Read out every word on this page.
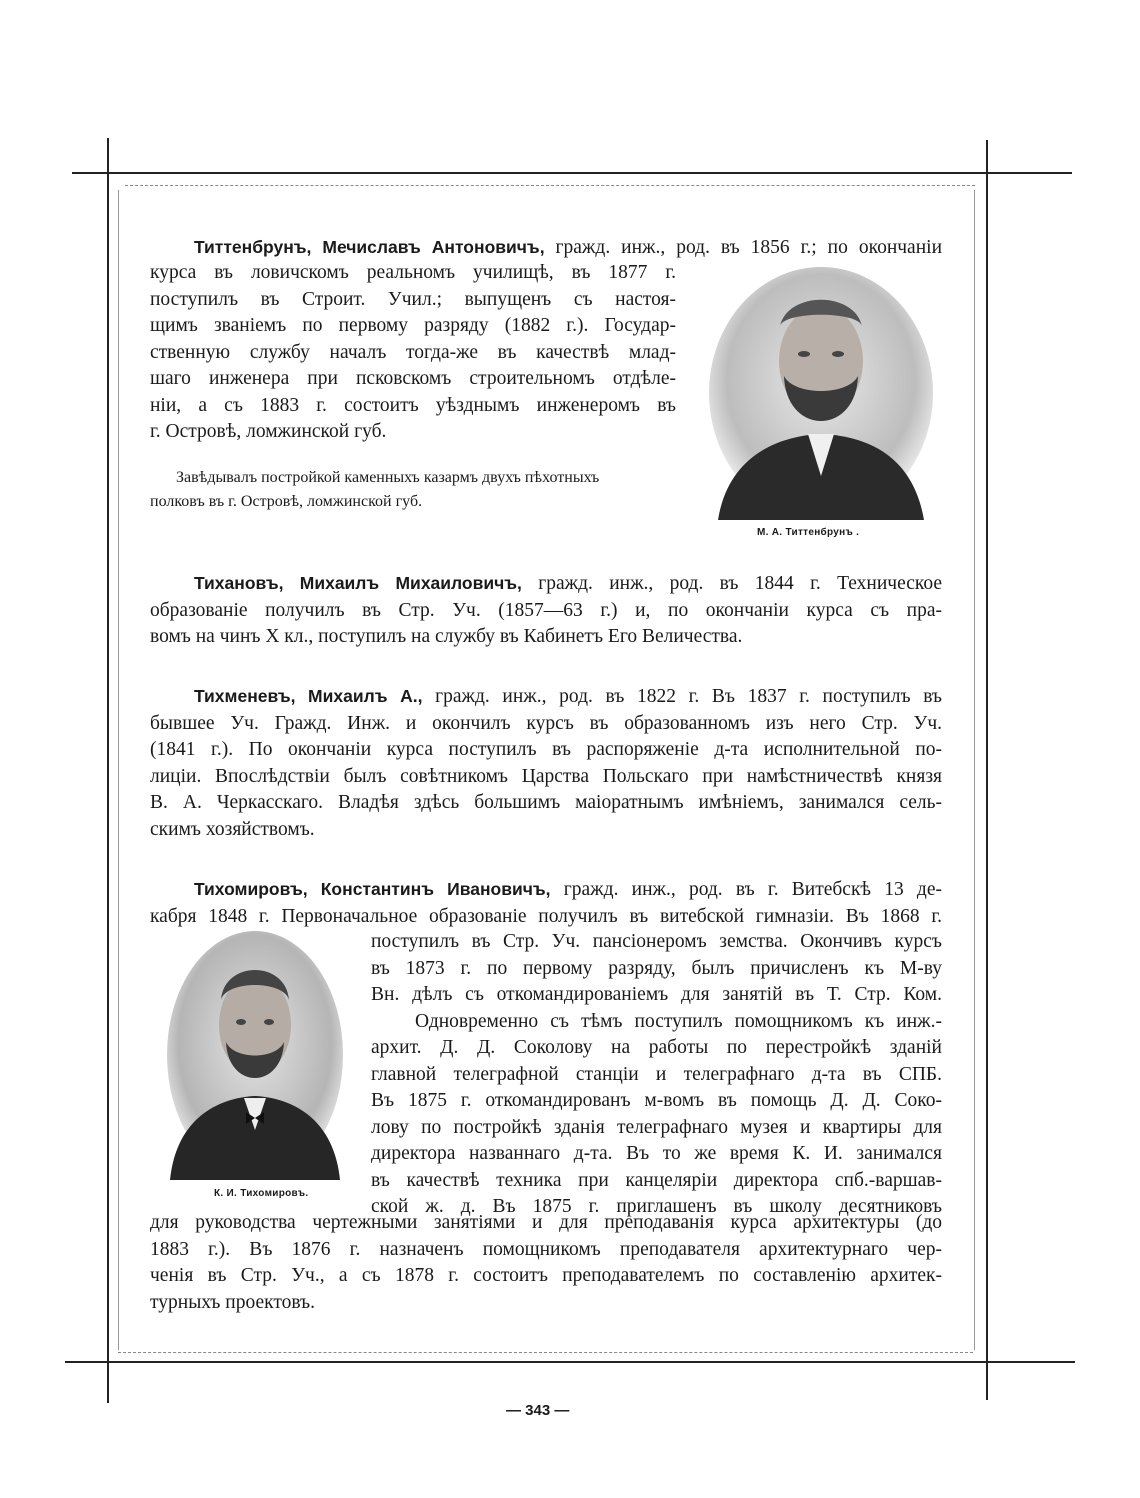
Титтенбрунъ, Мечиславъ Антоновичъ, гражд. инж., род. въ 1856 г.; по окончаніи
курса въ ловичскомъ реальномъ училищѣ, въ 1877 г.
поступилъ въ Строит. Учил.; выпущенъ съ настоя-
щимъ званіемъ по первому разряду (1882 г.). Государ-
ственную службу началъ тогда-же въ качествѣ млад-
шаго инженера при псковскомъ строительномъ отдѣле-
ніи, а съ 1883 г. состоитъ уѣзднымъ инженеромъ въ
г. Островѣ, ломжинской губ.
Завѣдывалъ постройкой каменныхъ казармъ двухъ пѣхотныхъ
полковъ въ г. Островѣ, ломжинской губ.
М. А. Титтенбрунъ .
Тихановъ, Михаилъ Михаиловичъ, гражд. инж., род. въ 1844 г. Техническое
образованіе получилъ въ Стр. Уч. (1857—63 г.) и, по окончаніи курса съ пра-
вомъ на чинъ X кл., поступилъ на службу въ Кабинетъ Его Величества.
Тихменевъ, Михаилъ А., гражд. инж., род. въ 1822 г. Въ 1837 г. поступилъ въ
бывшее Уч. Гражд. Инж. и окончилъ курсъ въ образованномъ изъ него Стр. Уч.
(1841 г.). По окончаніи курса поступилъ въ распоряженіе д-та исполнительной по-
лиціи. Впослѣдствіи былъ совѣтникомъ Царства Польскаго при намѣстничествѣ князя
В. А. Черкасскаго. Владѣя здѣсь большимъ маіоратнымъ имѣніемъ, занимался сель-
скимъ хозяйствомъ.
Тихомировъ, Константинъ Ивановичъ, гражд. инж., род. въ г. Витебскѣ 13 де-
кабря 1848 г. Первоначальное образованіе получилъ въ витебской гимназіи. Въ 1868 г.
поступилъ въ Стр. Уч. пансіонеромъ земства. Окончивъ курсъ
въ 1873 г. по первому разряду, былъ причисленъ къ М-ву
Вн. дѣлъ съ откомандированіемъ для занятій въ Т. Стр. Ком.
Одновременно съ тѣмъ поступилъ помощникомъ къ инж.-
архит. Д. Д. Соколову на работы по перестройкѣ зданій
главной телеграфной станціи и телеграфнаго д-та въ СПБ.
Въ 1875 г. откомандированъ м-вомъ въ помощь Д. Д. Соко-
лову по постройкѣ зданія телеграфнаго музея и квартиры для
директора названнаго д-та. Въ то же время К. И. занимался
въ качествѣ техника при канцеляріи директора спб.-варшав-
ской ж. д. Въ 1875 г. приглашенъ въ школу десятниковъ
для руководства чертежными занятіями и для преподаванія курса архитектуры (до
1883 г.). Въ 1876 г. назначенъ помощникомъ преподавателя архитектурнаго чер-
ченія въ Стр. Уч., а съ 1878 г. состоитъ преподавателемъ по составленію архитек-
турныхъ проектовъ.
К. И. Тихомировъ.
— 343 —
